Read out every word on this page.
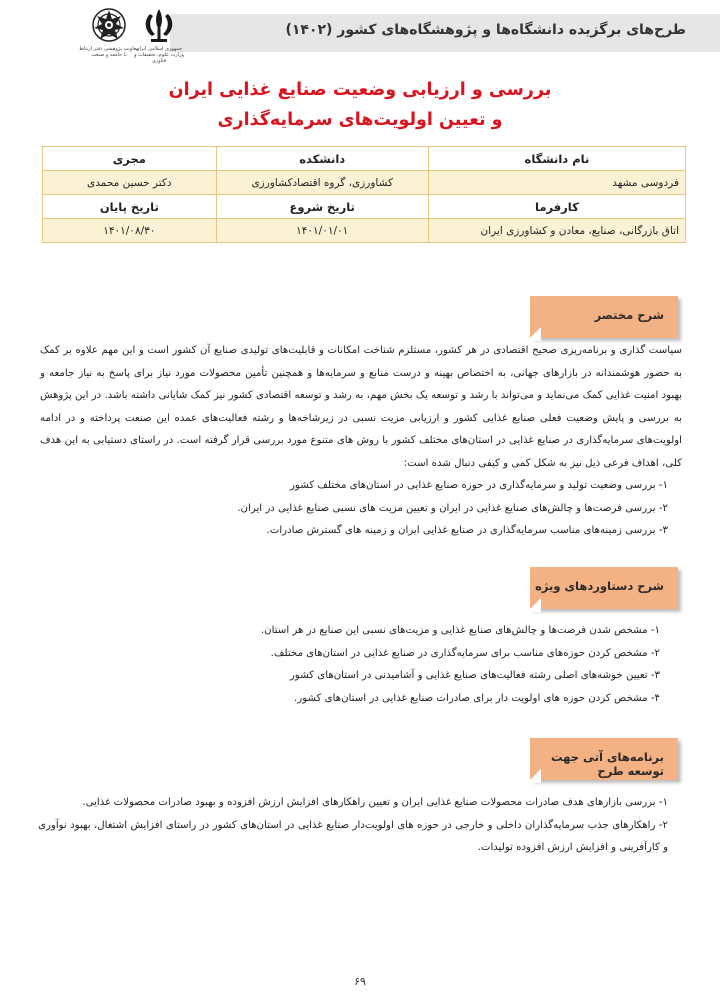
طرح‌های برگزیده دانشگاه‌ها و پژوهشگاه‌های کشور (۱۴۰۲)
جمهوری اسلامی ایران وزارت علوم، تحقیقات و فناوری
معاونت پژوهشی دفتر ارتباط با جامعه و صنعت
بررسی و ارزیابی وضعیت صنایع غذایی ایران
و تعیین اولویت‌های سرمایه‌گذاری
نام دانشگاه	دانشکده	مجری
فردوسی مشهد	کشاورزی، گروه اقتصادکشاورزی	دکتر حسین محمدی
کارفرما	تاریخ شروع	تاریخ پایان
اتاق بازرگانی، صنایع، معادن و کشاورزی ایران	۱۴۰۱/۰۱/۰۱	۱۴۰۱/۰۸/۳۰
شرح مختصر
سیاست گذاری و برنامه‌ریزی صحیح اقتصادی در هر کشور، مستلزم شناخت امکانات و قابلیت‌های تولیدی صنایع آن کشور است و این مهم علاوه بر کمک به حضور هوشمندانه در بازارهای جهانی، به اختصاص بهینه و درست منابع و سرمایه‌ها و همچنین تأمین محصولات مورد نیاز برای پاسخ به نیاز جامعه و بهبود امنیت غذایی کمک می‌نماید و می‌تواند با رشد و توسعه یک بخش مهم، به رشد و توسعه اقتصادی کشور نیز کمک شایانی داشته باشد. در این پژوهش به بررسی و پایش وضعیت فعلی صنایع غذایی کشور و ارزیابی مزیت نسبی در زیرشاخه‌ها و رشته فعالیت‌های عمده این صنعت پرداخته و در ادامه اولویت‌های سرمایه‌گذاری در صنایع غذایی در استان‌های مختلف کشور با روش های متنوع مورد بررسی قرار گرفته است. در راستای دستیابی به این هدف کلی، اهداف فرعی ذیل نیز به شکل کمی و کیفی دنبال شده است:

۱- بررسی وضعیت تولید و سرمایه‌گذاری در حوزه صنایع غذایی در استان‌های مختلف کشور

۲- بررسی فرصت‌ها و چالش‌های صنایع غذایی در ایران و تعیین مزیت های نسبی صنایع غذایی در ایران.

۳- بررسی زمینه‌های مناسب سرمایه‌گذاری در صنایع غذایی ایران و زمینه های گسترش صادرات.

شرح دستاوردهای ویژه

۱- مشخص شدن فرصت‌ها و چالش‌های صنایع غذایی و مزیت‌های نسبی این صنایع در هر استان.

۲- مشخص کردن حوزه‌های مناسب برای سرمایه‌گذاری در صنایع غذایی در استان‌های مختلف.

۳- تعیین خوشه‌های اصلی رشته فعالیت‌های صنایع غذایی و آشامیدنی در استان‌های کشور

۴- مشخص کردن حوزه های اولویت دار برای صادرات صنایع غذایی در استان‌های کشور.

برنامه‌های آتی جهت توسعه طرح

۱- بررسی بازارهای هدف صادرات محصولات صنایع غذایی ایران و تعیین راهکارهای افزایش ارزش افزوده و بهبود صادرات محصولات غذایی.

۲- راهکارهای جذب سرمایه‌گذاران داخلی و خارجی در حوزه های اولویت‌دار صنایع غذایی در استان‌های کشور در راستای افزایش اشتغال، بهبود نوآوری و کارآفرینی و افزایش ارزش افزوده تولیدات.

۶۹
